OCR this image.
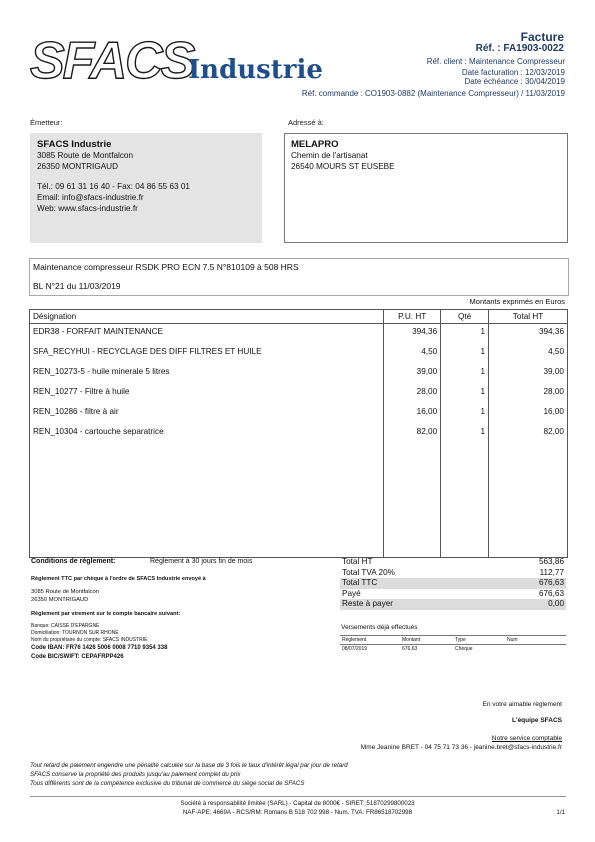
SFACS
Industrie
Facture
Réf. : FA1903-0022
Réf. client : Maintenance Compresseur
Date facturation : 12/03/2019
Date échéance : 30/04/2019
Réf. commande : CO1903-0882 (Maintenance Compresseur) / 11/03/2019
Émetteur:
SFACS Industrie
3085 Route de Montfalcon
26350 MONTRIGAUD
Tél.: 09 61 31 16 40 - Fax: 04 86 55 63 01
Email: info@sfacs-industrie.fr
Web: www.sfacs-industrie.fr
Adressé à:
MELAPRO
Chemin de l'artisanat
26540 MOURS ST EUSEBE
Maintenance compresseur RSDK PRO ECN 7.5 N°810109 à 508 HRS
BL N°21 du 11/03/2019
Montants exprimés en Euros
Désignation	P.U. HT	Qté	Total HT
EDR38 - FORFAIT MAINTENANCE	394,36	1	394,36
SFA_RECYHUI - RECYCLAGE DES DIFF FILTRES ET HUILE	4,50	1	4,50
REN_10273-5 - huile minerale 5 litres	39,00	1	39,00
REN_10277 - Filtre à huile	28,00	1	28,00
REN_10286 - filtre à air	16,00	1	16,00
REN_10304 - cartouche separatrice	82,00	1	82,00
Conditions de règlement:	Règlement à 30 jours fin de mois
Règlement TTC par chèque à l'ordre de SFACS Industrie envoyé à
3085 Route de Montfalcon
26350 MONTRIGAUD
Règlement par virement sur le compte bancaire suivant:
Banque: CAISSE D'EPARGNE
Domiciliation: TOURNON SUR RHONE
Nom du propriétaire du compte: SFACS INDUSTRIE
Code IBAN: FR76 1426 5006 0008 7710 9354 338
Code BIC/SWIFT: CEPAFRPP426
Total HT	563,86
Total TVA 20%	112,77
Total TTC	676,63
Payé	676,63
Reste à payer	0,00
Versements déjà effectués
Règlement	Montant	Type	Num
08/07/2019	676,63	Chèque
En votre aimable règlement
L'équipe SFACS
Notre service comptable
Mme Jeanine BRET - 04 75 71 73 36 - jeanine.bret@sfacs-industrie.fr
Tout retard de paiement engendre une pénalité calculée sur la base de 3 fois le taux d'intérêt légal par jour de retard
SFACS conserve la propriété des produits jusqu'au paiement complet du prix
Tous différents sont de la compétence exclusive du tribunal de commerce du siège social de SFACS
Société à responsabilité limitée (SARL) - Capital de 8000€ - SIRET: 51870299800023
NAF-APE: 4669A - RCS/RM: Romans B 518 702 998 - Num. TVA: FR86518702998	1/1
